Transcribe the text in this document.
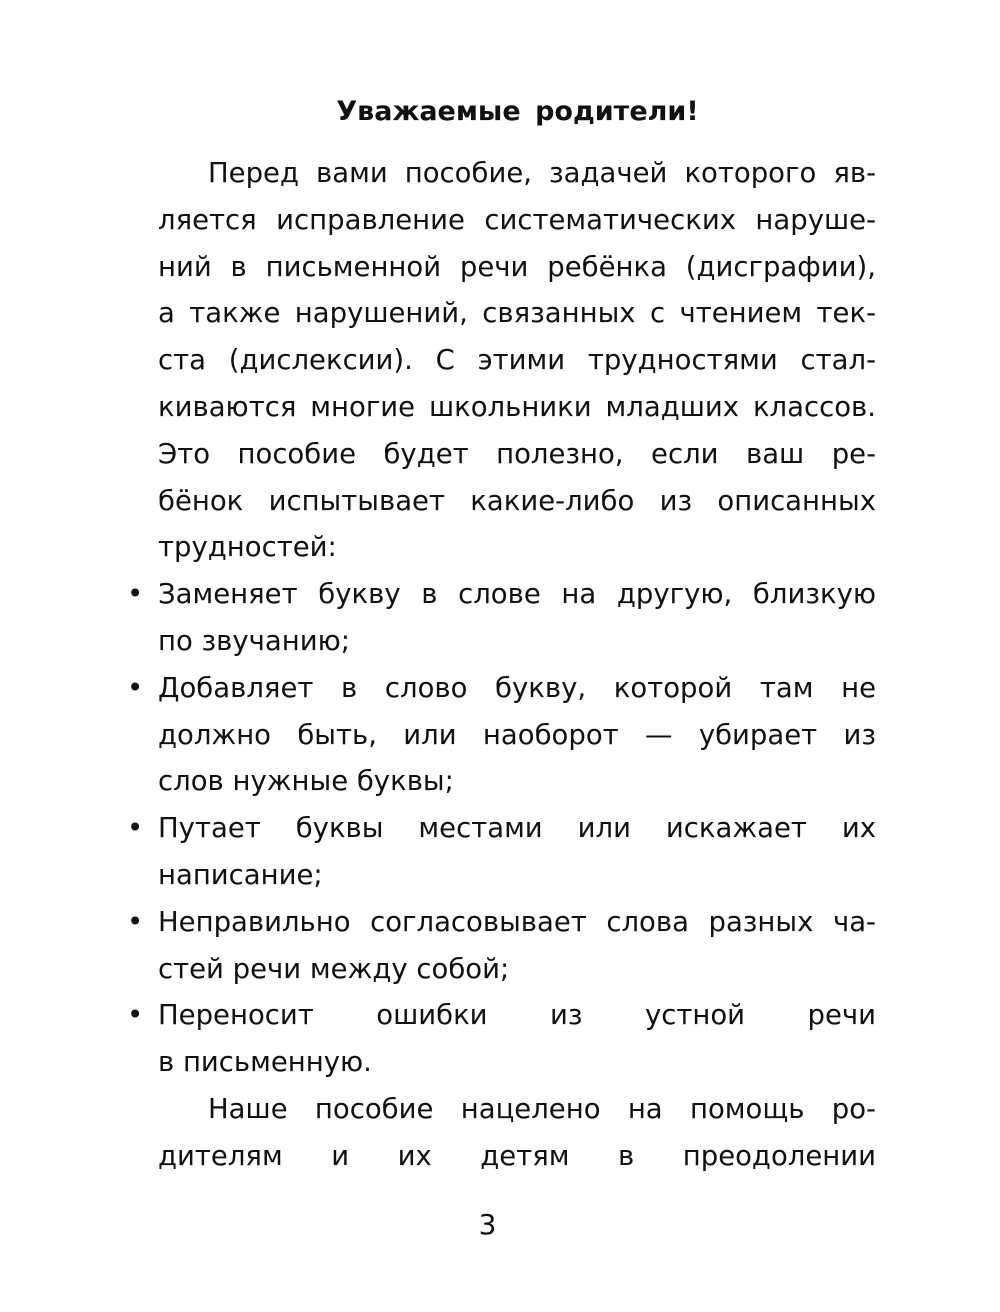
Уважаемые родители!
Перед вами пособие, задачей которого яв-
ляется исправление систематических наруше-
ний в письменной речи ребёнка (дисграфии),
а также нарушений, связанных с чтением тек-
ста (дислексии). С этими трудностями стал-
киваются многие школьники младших классов.
Это пособие будет полезно, если ваш ре-
бёнок испытывает какие-либо из описанных
трудностей:
• Заменяет букву в слове на другую, близкую
по звучанию;
• Добавляет в слово букву, которой там не
должно быть, или наоборот — убирает из
слов нужные буквы;
• Путает буквы местами или искажает их
написание;
• Неправильно согласовывает слова разных ча-
стей речи между собой;
• Переносит ошибки из устной речи
в письменную.
Наше пособие нацелено на помощь ро-
дителям и их детям в преодолении
3
